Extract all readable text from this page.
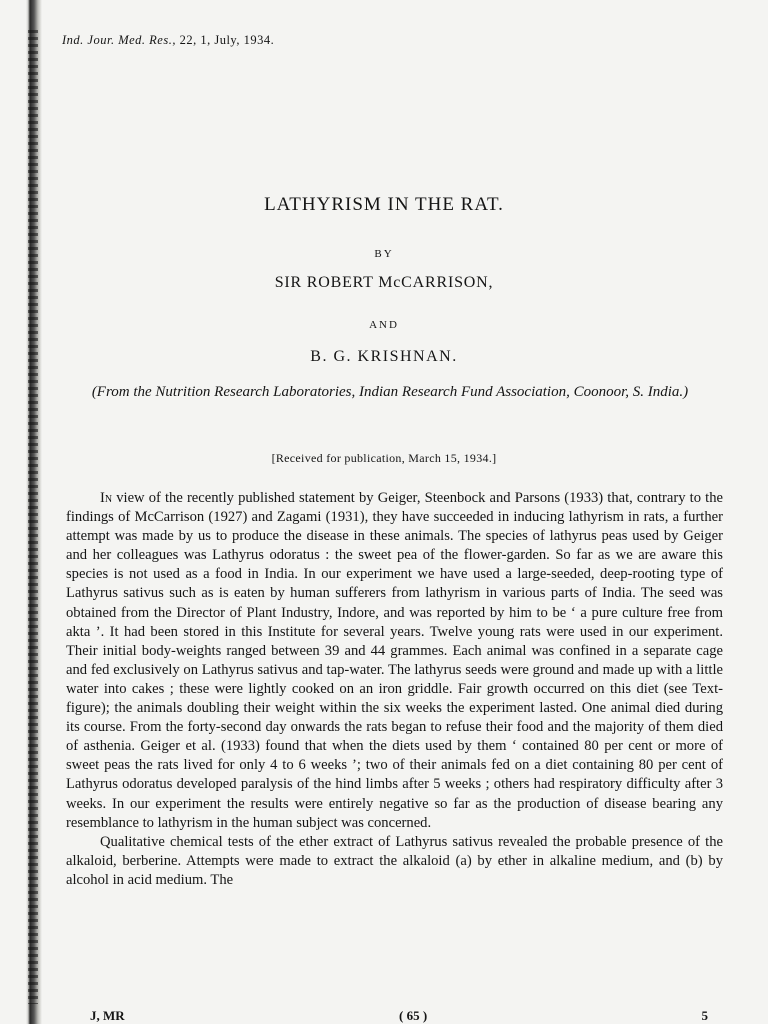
Ind. Jour. Med. Res., 22, 1, July, 1934.
LATHYRISM IN THE RAT.
BY
SIR ROBERT McCARRISON,
AND
B. G. KRISHNAN.
(From the Nutrition Research Laboratories, Indian Research Fund Association, Coonoor, S. India.)
[Received for publication, March 15, 1934.]

In view of the recently published statement by Geiger, Steenbock and Parsons (1933) that, contrary to the findings of McCarrison (1927) and Zagami (1931), they have succeeded in inducing lathyrism in rats, a further attempt was made by us to produce the disease in these animals. The species of lathyrus peas used by Geiger and her colleagues was Lathyrus odoratus : the sweet pea of the flower-garden. So far as we are aware this species is not used as a food in India. In our experiment we have used a large-seeded, deep-rooting type of Lathyrus sativus such as is eaten by human sufferers from lathyrism in various parts of India. The seed was obtained from the Director of Plant Industry, Indore, and was reported by him to be ‘ a pure culture free from akta ’. It had been stored in this Institute for several years. Twelve young rats were used in our experiment. Their initial body-weights ranged between 39 and 44 grammes. Each animal was confined in a separate cage and fed exclusively on Lathyrus sativus and tap-water. The lathyrus seeds were ground and made up with a little water into cakes ; these were lightly cooked on an iron griddle. Fair growth occurred on this diet (see Text-figure); the animals doubling their weight within the six weeks the experiment lasted. One animal died during its course. From the forty-second day onwards the rats began to refuse their food and the majority of them died of asthenia. Geiger et al. (1933) found that when the diets used by them ‘ contained 80 per cent or more of sweet peas the rats lived for only 4 to 6 weeks ’; two of their animals fed on a diet containing 80 per cent of Lathyrus odoratus developed paralysis of the hind limbs after 5 weeks ; others had respiratory difficulty after 3 weeks. In our experiment the results were entirely negative so far as the production of disease bearing any resemblance to lathyrism in the human subject was concerned.

Qualitative chemical tests of the ether extract of Lathyrus sativus revealed the probable presence of the alkaloid, berberine. Attempts were made to extract the alkaloid (a) by ether in alkaline medium, and (b) by alcohol in acid medium. The

J, MR	( 65 )	5
